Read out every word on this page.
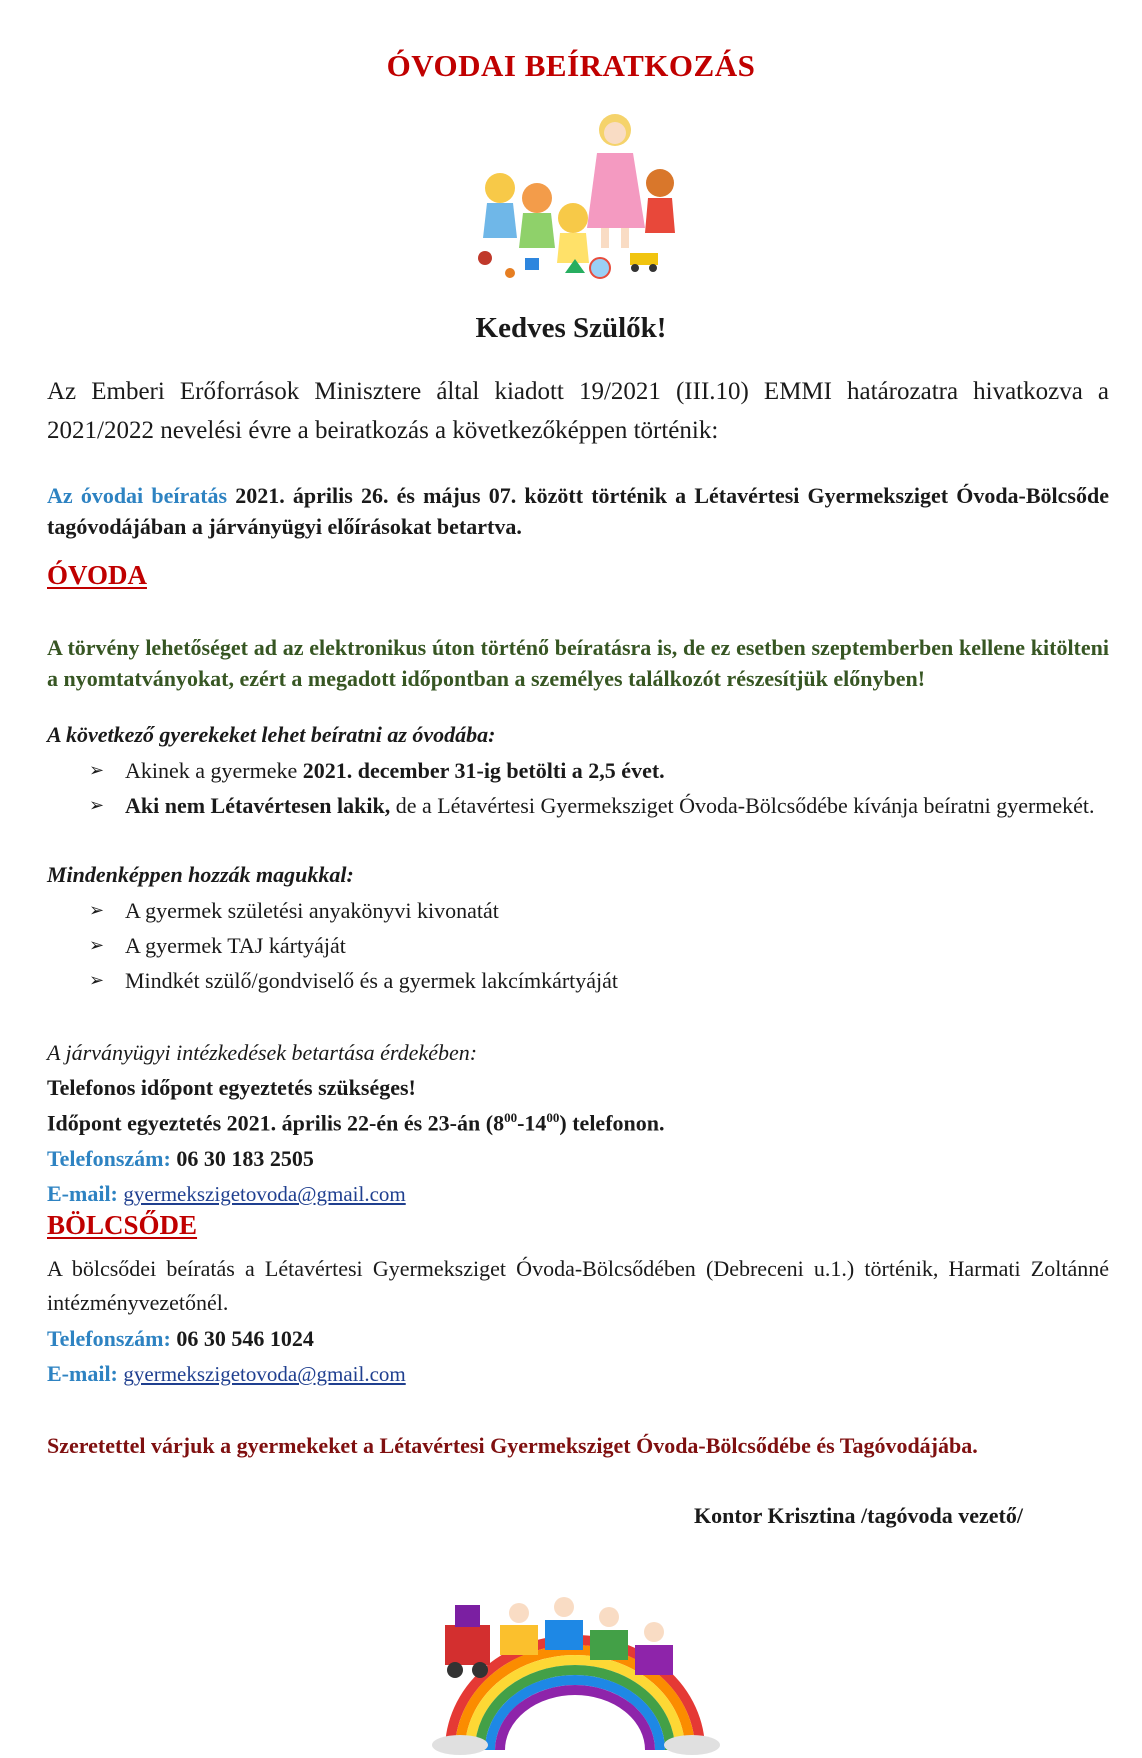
ÓVODAI BEÍRATKOZÁS
Kedves Szülők!
Az Emberi Erőforrások Minisztere által kiadott 19/2021 (III.10) EMMI határozatra hivatkozva a 2021/2022 nevelési évre a beiratkozás a következőképpen történik:
Az óvodai beíratás 2021. április 26. és május 07. között történik a Létavértesi Gyermeksziget Óvoda-Bölcsőde tagóvodájában a járványügyi előírásokat betartva.
ÓVODA
A törvény lehetőséget ad az elektronikus úton történő beíratásra is, de ez esetben szeptemberben kellene kitölteni a nyomtatványokat, ezért a megadott időpontban a személyes találkozót részesítjük előnyben!
A következő gyerekeket lehet beíratni az óvodába:
➢ Akinek a gyermeke 2021. december 31-ig betölti a 2,5 évet.
➢ Aki nem Létavértesen lakik, de a Létavértesi Gyermeksziget Óvoda-Bölcsődébe kívánja beíratni gyermekét.
Mindenképpen hozzák magukkal:
➢ A gyermek születési anyakönyvi kivonatát
➢ A gyermek TAJ kártyáját
➢ Mindkét szülő/gondviselő és a gyermek lakcímkártyáját
A járványügyi intézkedések betartása érdekében:
Telefonos időpont egyeztetés szükséges!
Időpont egyeztetés 2021. április 22-én és 23-án $(8^{00}-14^{00})$ telefonon.
Telefonszám: 06 30 183 2505
E-mail: gyermekszigetovoda@gmail.com
BÖLCSŐDE
A bölcsődei beíratás a Létavértesi Gyermeksziget Óvoda-Bölcsődében (Debreceni u.1.) történik, Harmati Zoltánné intézményvezetőnél.
Telefonszám: 06 30 546 1024
E-mail: gyermekszigetovoda@gmail.com
Szeretettel várjuk a gyermekeket a Létavértesi Gyermeksziget Óvoda-Bölcsődébe és Tagóvodájába.
Kontor Krisztina /tagóvoda vezető/
